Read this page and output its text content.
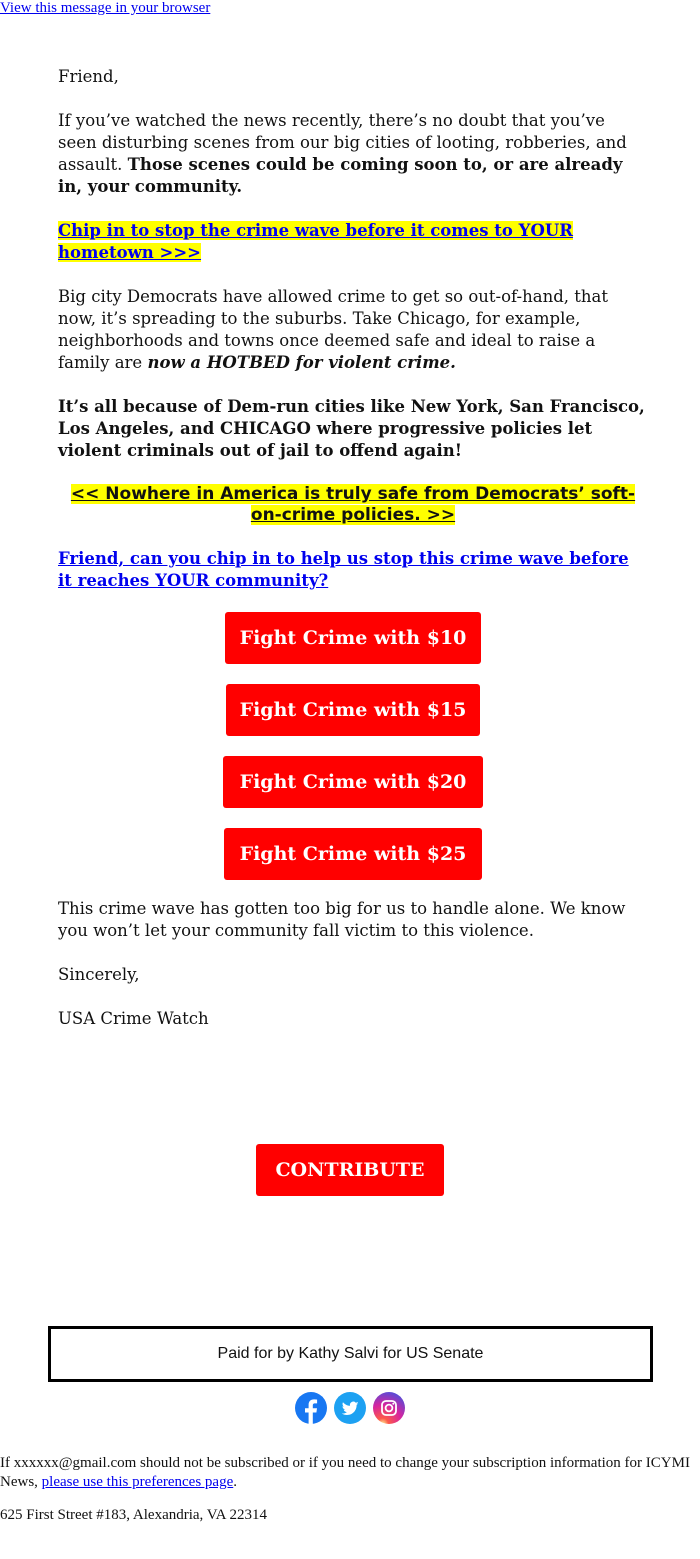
View this message in your browser

Friend,

If you’ve watched the news recently, there’s no doubt that you’ve seen disturbing scenes from our big cities of looting, robberies, and assault. Those scenes could be coming soon to, or are already in, your community.

Chip in to stop the crime wave before it comes to YOUR hometown >>>

Big city Democrats have allowed crime to get so out-of-hand, that now, it’s spreading to the suburbs. Take Chicago, for example, neighborhoods and towns once deemed safe and ideal to raise a family are now a HOTBED for violent crime.

It’s all because of Dem-run cities like New York, San Francisco, Los Angeles, and CHICAGO where progressive policies let violent criminals out of jail to offend again!

<< Nowhere in America is truly safe from Democrats’ soft-on-crime policies. >>

Friend, can you chip in to help us stop this crime wave before it reaches YOUR community?

Fight Crime with $10
Fight Crime with $15
Fight Crime with $20
Fight Crime with $25

This crime wave has gotten too big for us to handle alone. We know you won’t let your community fall victim to this violence.

Sincerely,

USA Crime Watch

CONTRIBUTE
Paid for by Kathy Salvi for US Senate

If xxxxxx@gmail.com should not be subscribed or if you need to change your subscription information for ICYMI News, please use this preferences page.

625 First Street #183, Alexandria, VA 22314
